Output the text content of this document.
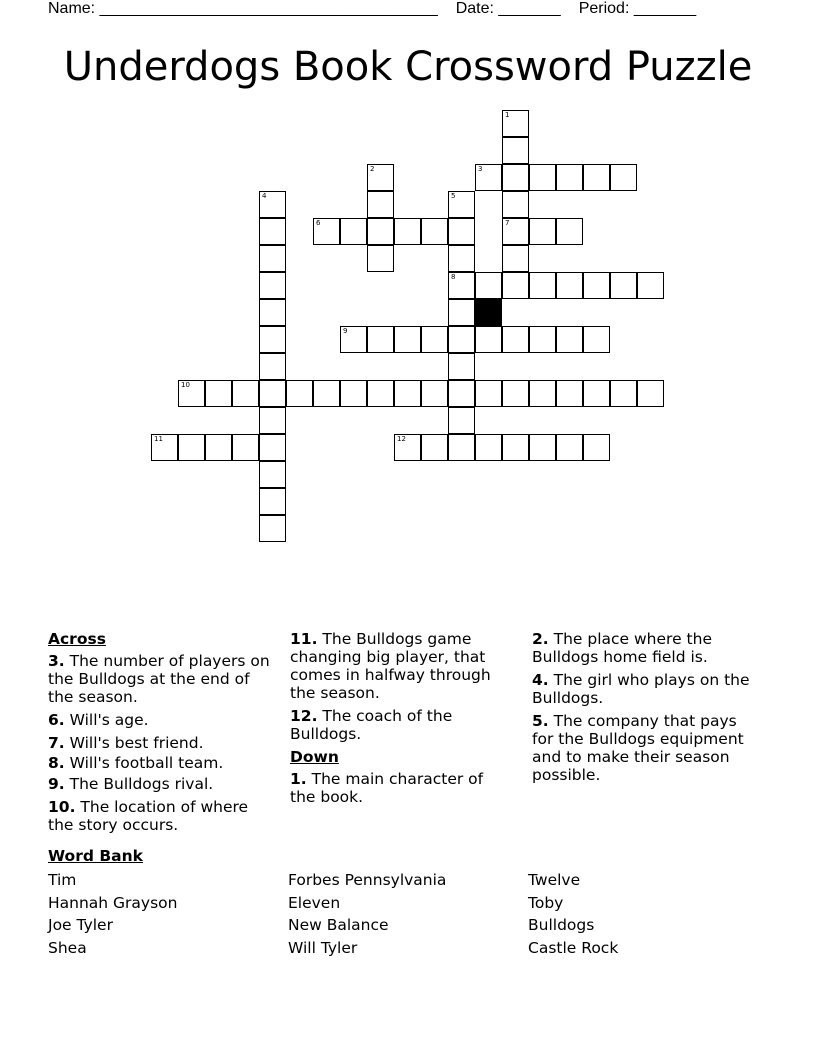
Name: ______________________________________ Date: _______ Period: _______
Underdogs Book Crossword Puzzle
1
7
2	3
4	5
8
6
9
10
11	12
Across
3. The number of players on the Bulldogs at the end of the season.
6. Will's age.
7. Will's best friend.
8. Will's football team.
9. The Bulldogs rival.
10. The location of where the story occurs.
11. The Bulldogs game changing big player, that comes in halfway through the season.
12. The coach of the Bulldogs.
Down
1. The main character of the book.
2. The place where the Bulldogs home field is.
4. The girl who plays on the Bulldogs.
5. The company that pays for the Bulldogs equipment and to make their season possible.
Word Bank
Tim
Hannah Grayson
Joe Tyler
Shea
Forbes Pennsylvania
Eleven
New Balance
Will Tyler
Twelve
Toby
Bulldogs
Castle Rock
